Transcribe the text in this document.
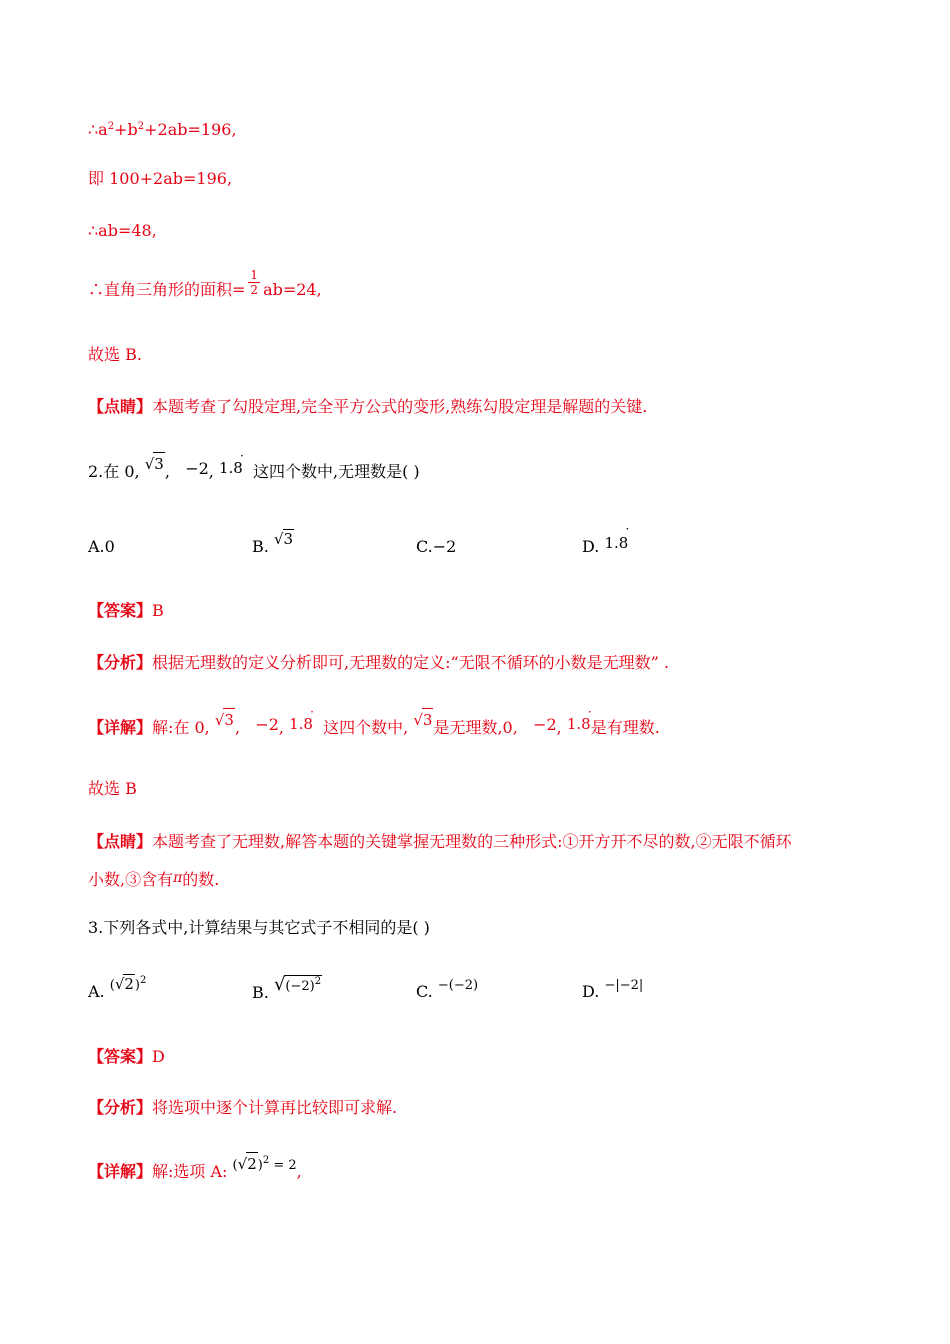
$\therefore a^2+b^2+2ab=196$,
即 100+2ab=196,
∴ab=48,
∴直角三角形的面积= $\frac{1}{2} ab=24$,
故选 B.
【点睛】本题考查了勾股定理,完全平方公式的变形,熟练勾股定理是解题的关键.
2.在 0, √3, −2, 1.8
·
这四个数中,无理数是( )
A.0	B. √3	C.−2	D. 1.8
·
【答案】B
【分析】根据无理数的定义分析即可,无理数的定义:“无限不循环的小数是无理数” .
【详解】解:在 0, √3, −2, 1.8
·
这四个数中, √3是无理数,0, −2, 1.8
·
是有理数.
故选 B
【点睛】本题考查了无理数,解答本题的关键掌握无理数的三种形式:①开方开不尽的数,②无限不循环
小数,③含有π的数.
3.下列各式中,计算结果与其它式子不相同的是( )
A. $^{(√2)^2}$
B. $^{√(-2)^2}$
C. $^{-(-2)}$	D. $^{-|-2|}$
【答案】D
【分析】将选项中逐个计算再比较即可求解.
【详解】解:选项 A: $^{(√2)^2 = 2}$,
